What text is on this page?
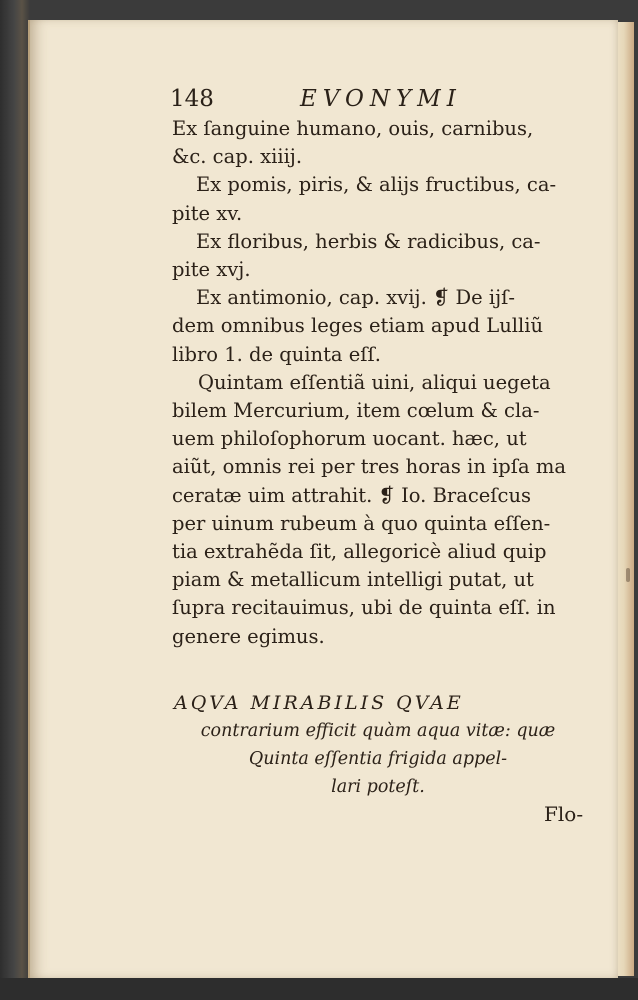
148	EVONYMI
Ex ſanguine humano, ouis, carnibus,
&c. cap. xiiij.
Ex pomis, piris, & alijs fructibus, ca-
pite xv.
Ex floribus, herbis & radicibus, ca-
pite xvj.
Ex antimonio, cap. xvij. ❡ De ijſ-
dem omnibus leges etiam apud Lulliũ
libro 1. de quinta eſſ.
Quintam eſſentiã uini, aliqui uegeta
bilem Mercurium, item cœlum & cla-
uem philoſophorum uocant. hæc, ut
aiũt, omnis rei per tres horas in ipſa ma
ceratæ uim attrahit. ❡ Io. Braceſcus
per uinum rubeum à quo quinta eſſen-
tia extrahẽda ſit, allegoricè aliud quip
piam & metallicum intelligi putat, ut
ſupra recitauimus, ubi de quinta eſſ. in
genere egimus.
AQVA MIRABILIS QVAE
contrarium efficit quàm aqua vitæ: quæ
Quinta eſſentia frigida appel-
lari poteſt.
Flo-
